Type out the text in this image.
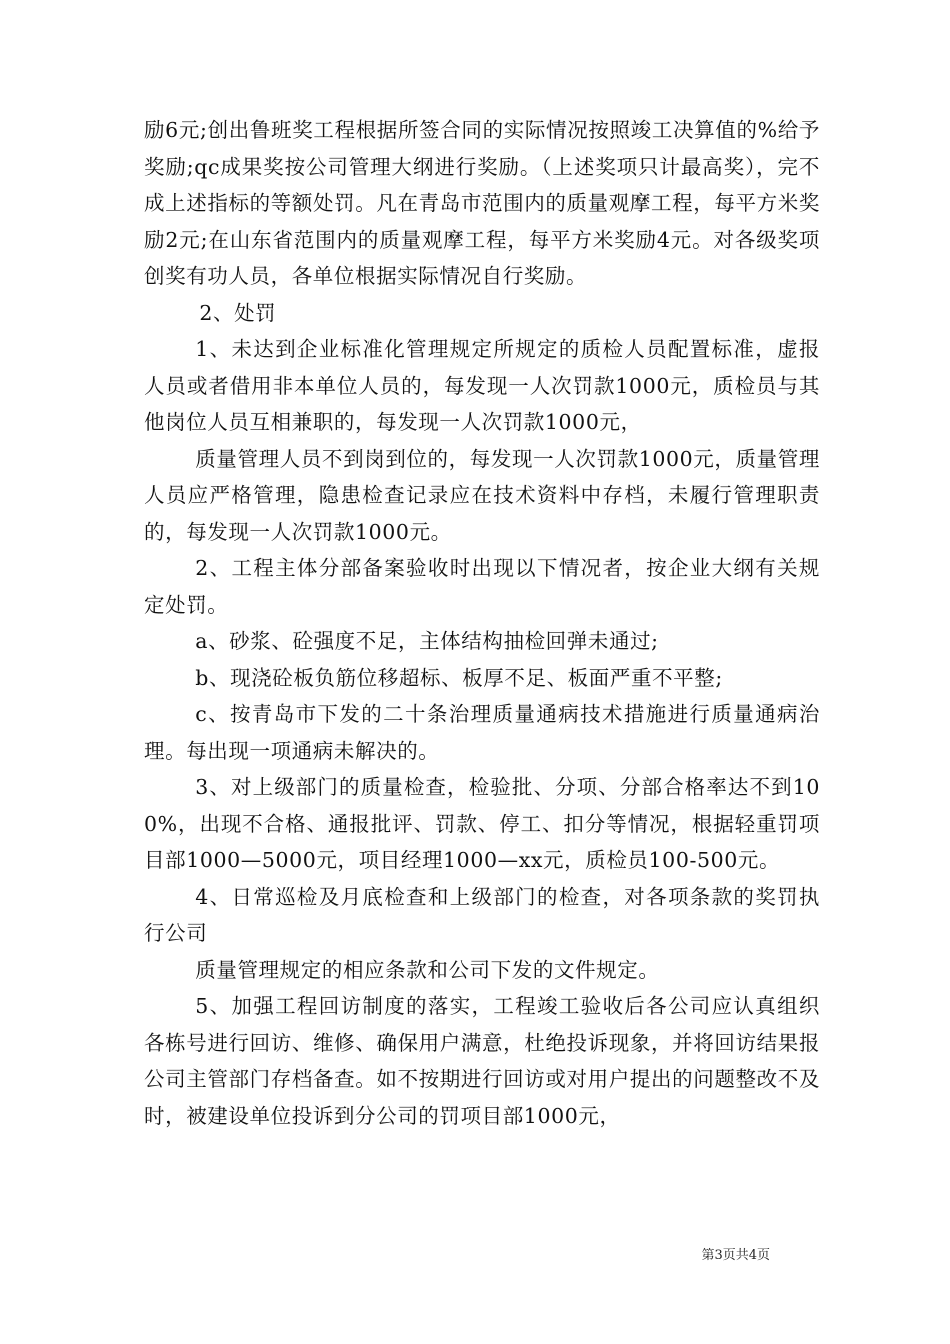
励6元;创出鲁班奖工程根据所签合同的实际情况按照竣工决算值的%给予奖励;qc成果奖按公司管理大纲进行奖励。（上述奖项只计最高奖），完不成上述指标的等额处罚。凡在青岛市范围内的质量观摩工程，每平方米奖励2元;在山东省范围内的质量观摩工程，每平方米奖励4元。对各级奖项创奖有功人员，各单位根据实际情况自行奖励。

2、处罚

1、未达到企业标准化管理规定所规定的质检人员配置标准，虚报人员或者借用非本单位人员的，每发现一人次罚款1000元，质检员与其他岗位人员互相兼职的，每发现一人次罚款1000元，

质量管理人员不到岗到位的，每发现一人次罚款1000元，质量管理人员应严格管理，隐患检查记录应在技术资料中存档，未履行管理职责的，每发现一人次罚款1000元。

2、工程主体分部备案验收时出现以下情况者，按企业大纲有关规定处罚。

a、砂浆、砼强度不足，主体结构抽检回弹未通过;

b、现浇砼板负筋位移超标、板厚不足、板面严重不平整;

c、按青岛市下发的二十条治理质量通病技术措施进行质量通病治理。每出现一项通病未解决的。

3、对上级部门的质量检查，检验批、分项、分部合格率达不到100%，出现不合格、通报批评、罚款、停工、扣分等情况，根据轻重罚项目部1000—5000元，项目经理1000—xx元，质检员100-500元。

4、日常巡检及月底检查和上级部门的检查，对各项条款的奖罚执行公司

质量管理规定的相应条款和公司下发的文件规定。

5、加强工程回访制度的落实，工程竣工验收后各公司应认真组织各栋号进行回访、维修、确保用户满意，杜绝投诉现象，并将回访结果报公司主管部门存档备查。如不按期进行回访或对用户提出的问题整改不及时，被建设单位投诉到分公司的罚项目部1000元，

第3页共4页
